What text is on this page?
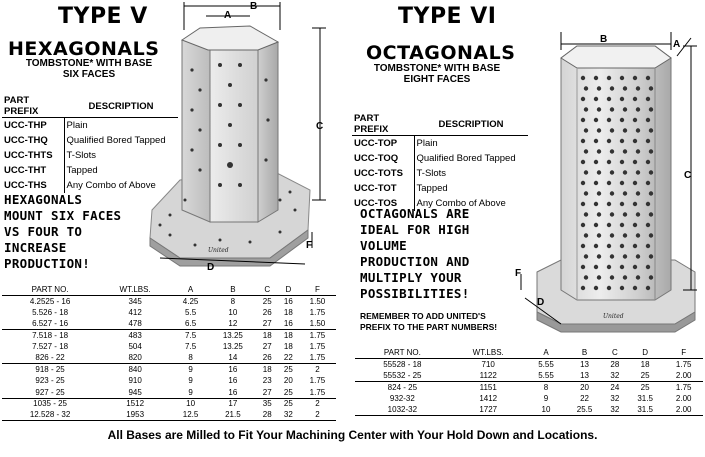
TYPE V
HEXAGONALS
TOMBSTONE* WITH BASE
SIX FACES
PART PREFIX	DESCRIPTION
UCC-THP	Plain
UCC-THQ	Qualified Bored Tapped
UCC-THTS	T-Slots
UCC-THT	Tapped
UCC-THS	Any Combo of Above
HEXAGONALS
MOUNT SIX FACES
VS FOUR TO
INCREASE
PRODUCTION!
United
A
B
C
D
F
PART NO.	WT.LBS.	A	B	C	D	F
4.2525 - 16	345	4.25	8	25	16	1.50
5.526 - 18	412	5.5	10	26	18	1.75
6.527 - 16	478	6.5	12	27	16	1.50
7.518 - 18	483	7.5	13.25	18	18	1.75
7.527 - 18	504	7.5	13.25	27	18	1.75
826 - 22	820	8	14	26	22	1.75
918 - 25	840	9	16	18	25	2
923 - 25	910	9	16	23	20	1.75
927 - 25	945	9	16	27	25	1.75
1035 - 25	1512	10	17	35	25	2
12.528 - 32	1953	12.5	21.5	28	32	2
TYPE VI
OCTAGONALS
TOMBSTONE* WITH BASE
EIGHT FACES
PART PREFIX	DESCRIPTION
UCC-TOP	Plain
UCC-TOQ	Qualified Bored Tapped
UCC-TOTS	T-Slots
UCC-TOT	Tapped
UCC-TOS	Any Combo of Above
OCTAGONALS ARE
IDEAL FOR HIGH
VOLUME
PRODUCTION AND
MULTIPLY YOUR
POSSIBILITIES!
REMEMBER TO ADD UNITED'S
PREFIX TO THE PART NUMBERS!
United
B	A
C
F
D
PART NO.	WT.LBS.	A	B	C	D	F
55528 - 18	710	5.55	13	28	18	1.75
55532 - 25	1122	5.55	13	32	25	2.00
824 - 25	1151	8	20	24	25	1.75
932-32	1412	9	22	32	31.5	2.00
1032-32	1727	10	25.5	32	31.5	2.00
All Bases are Milled to Fit Your Machining Center with Your Hold Down and Locations.
